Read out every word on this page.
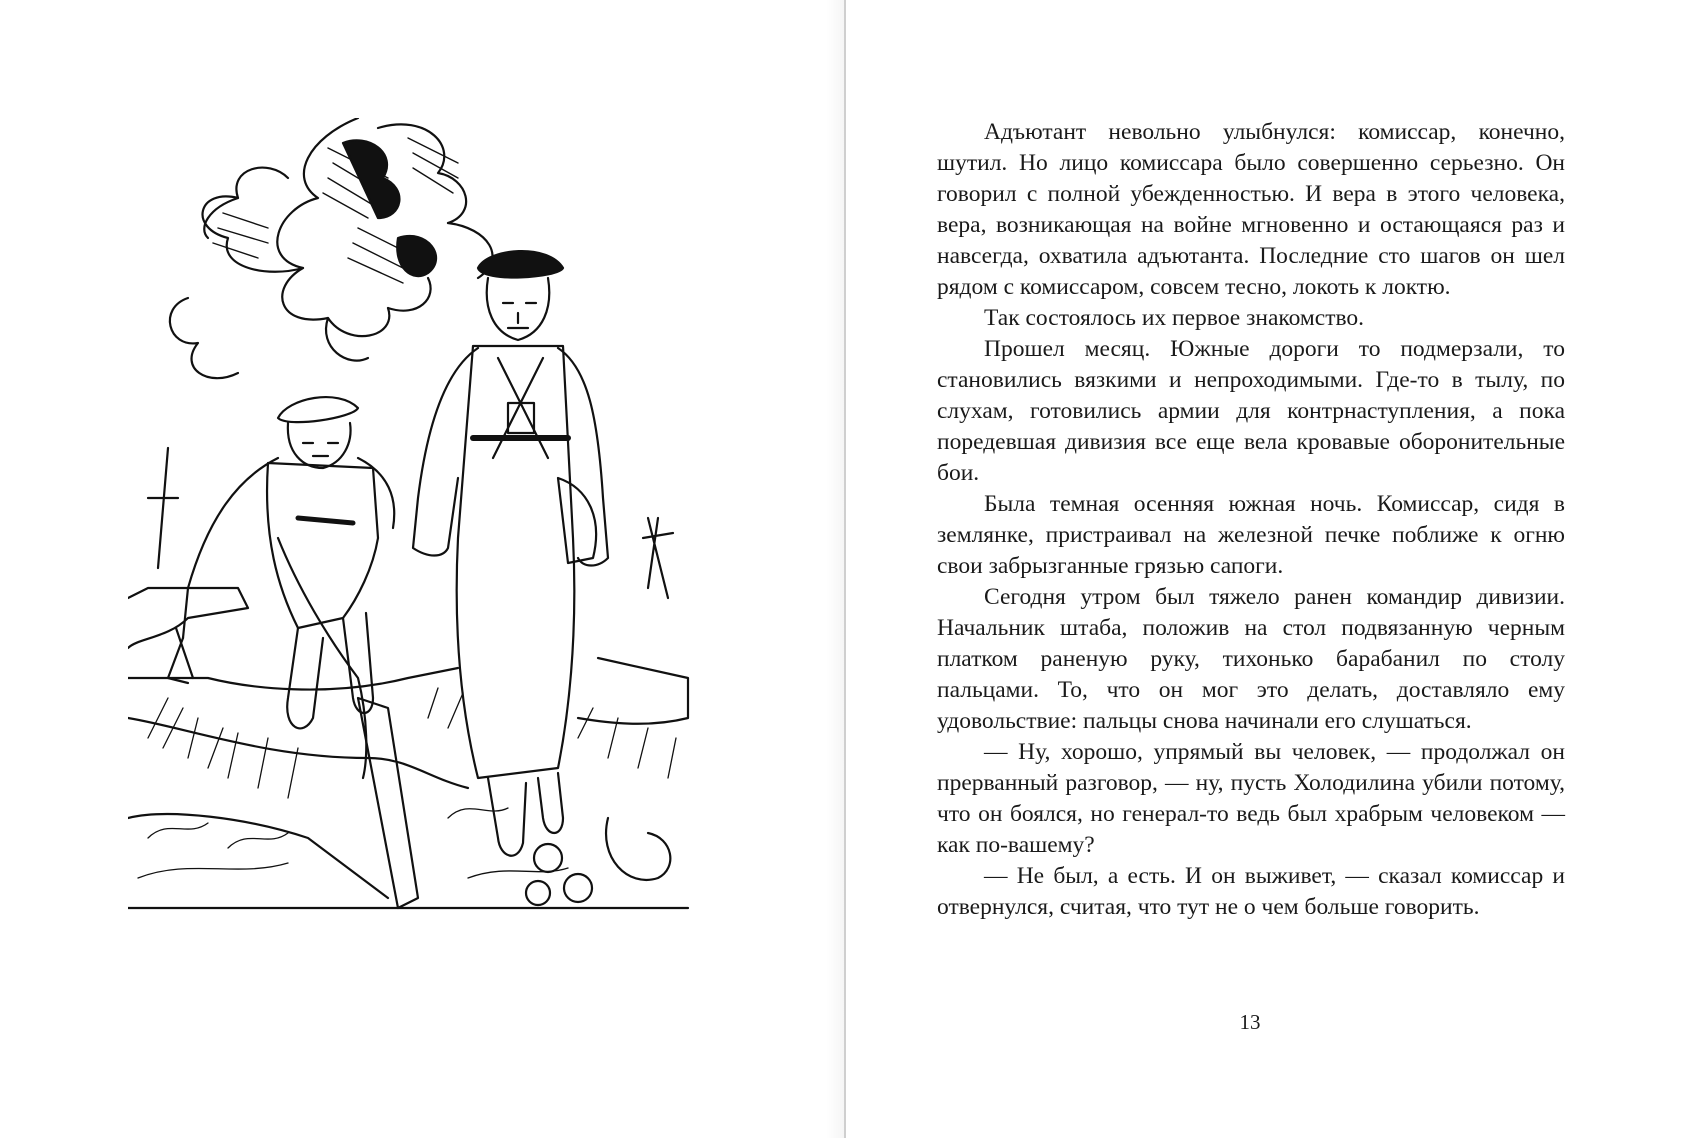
Адъютант невольно улыбнулся: комиссар, конечно, шутил. Но лицо комиссара было совершенно серьезно. Он говорил с полной убежденностью. И вера в этого человека, вера, возникающая на войне мгновенно и остающаяся раз и навсегда, охватила адъютанта. Последние сто шагов он шел рядом с комиссаром, совсем тесно, локоть к локтю.

Так состоялось их первое знакомство.

Прошел месяц. Южные дороги то подмерзали, то становились вязкими и непроходимыми. Где-то в тылу, по слухам, готовились армии для контрнаступления, а пока поредевшая дивизия все еще вела кровавые оборонительные бои.

Была темная осенняя южная ночь. Комиссар, сидя в землянке, пристраивал на железной печке поближе к огню свои забрызганные грязью сапоги.

Сегодня утром был тяжело ранен командир дивизии. Начальник штаба, положив на стол подвязанную черным платком раненую руку, тихонько барабанил по столу пальцами. То, что он мог это делать, доставляло ему удовольствие: пальцы снова начинали его слушаться.

— Ну, хорошо, упрямый вы человек, — продолжал он прерванный разговор, — ну, пусть Холодилина убили потому, что он боялся, но генерал-то ведь был храбрым человеком — как по-вашему?

— Не был, а есть. И он выживет, — сказал комиссар и отвернулся, считая, что тут не о чем больше говорить.

13
